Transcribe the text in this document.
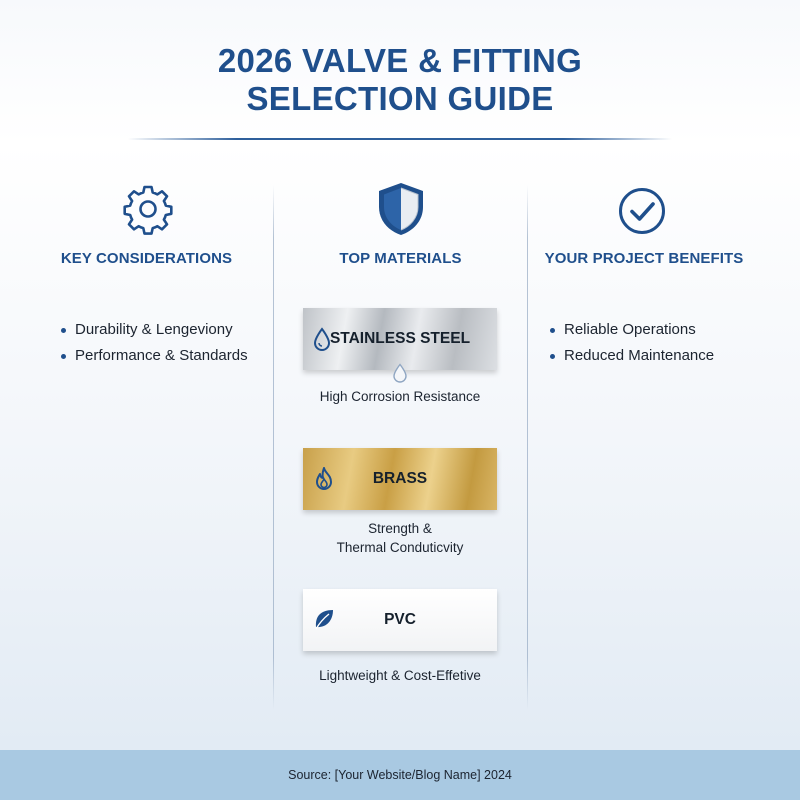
2026 VALVE & FITTING
SELECTION GUIDE
KEY CONSIDERATIONS
Durability & Lengeviony
Performance & Standards
TOP MATERIALS
STAINLESS STEEL
High Corrosion Resistance
BRASS
Strength &
Thermal Conduticvity
PVC
Lightweight & Cost-Effetive
YOUR PROJECT BENEFITS
Reliable Operations
Reduced Maintenance
Source: [Your Website/Blog Name] 2024
